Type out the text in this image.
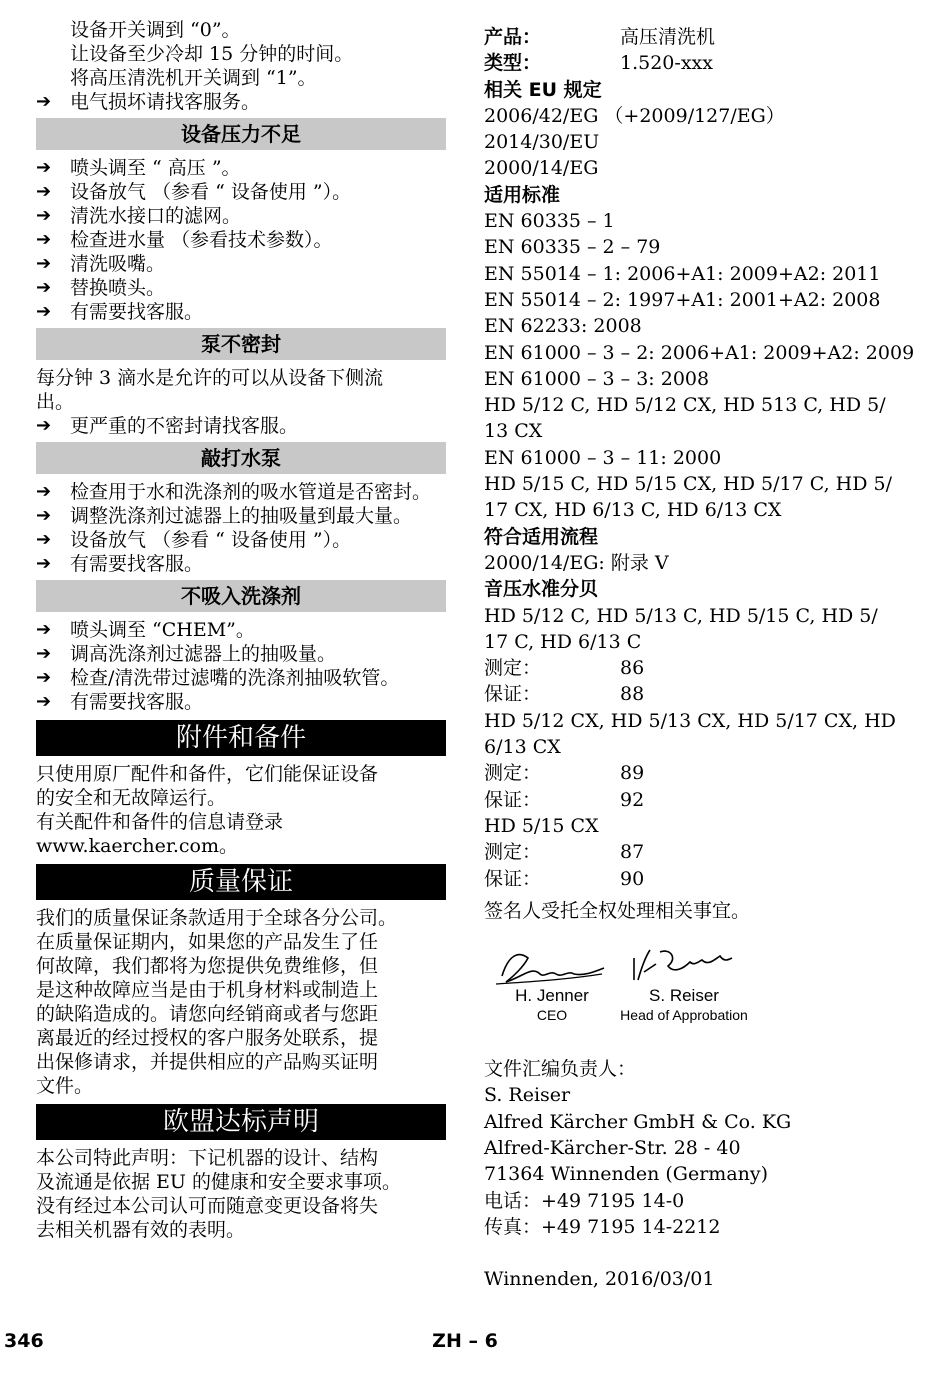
设备开关调到 “0”。
让设备至少冷却 15 分钟的时间。
将高压清洗机开关调到 “1”。
➔ 电气损坏请找客服务。
设备压力不足
➔ 喷头调至 “ 高压 ”。
➔ 设备放气 （参看 “ 设备使用 ”）。
➔ 清洗水接口的滤网。
➔ 检查进水量 （参看技术参数）。
➔ 清洗吸嘴。
➔ 替换喷头。
➔ 有需要找客服。
泵不密封
每分钟 3 滴水是允许的可以从设备下侧流
出。
➔ 更严重的不密封请找客服。
敲打水泵
➔ 检查用于水和洗涤剂的吸水管道是否密封。
➔ 调整洗涤剂过滤器上的抽吸量到最大量。
➔ 设备放气 （参看 “ 设备使用 ”）。
➔ 有需要找客服。
不吸入洗涤剂
➔ 喷头调至 “CHEM”。
➔ 调高洗涤剂过滤器上的抽吸量。
➔ 检查/清洗带过滤嘴的洗涤剂抽吸软管。
➔ 有需要找客服。
附件和备件
只使用原厂配件和备件，它们能保证设备
的安全和无故障运行。
有关配件和备件的信息请登录
www.kaercher.com。
质量保证
我们的质量保证条款适用于全球各分公司。
在质量保证期内，如果您的产品发生了任
何故障，我们都将为您提供免费维修，但
是这种故障应当是由于机身材料或制造上
的缺陷造成的。请您向经销商或者与您距
离最近的经过授权的客户服务处联系，提
出保修请求，并提供相应的产品购买证明
文件。
欧盟达标声明
本公司特此声明：下记机器的设计、结构
及流通是依据 EU 的健康和安全要求事项。
没有经过本公司认可而随意变更设备将失
去相关机器有效的表明。
产品：	高压清洗机
类型：	1.520-xxx
相关 EU 规定
2006/42/EG （+2009/127/EG）
2014/30/EU
2000/14/EG
适用标准
EN 60335 – 1
EN 60335 – 2 – 79
EN 55014 – 1: 2006+A1: 2009+A2: 2011
EN 55014 – 2: 1997+A1: 2001+A2: 2008
EN 62233: 2008
EN 61000 – 3 – 2: 2006+A1: 2009+A2: 2009
EN 61000 – 3 – 3: 2008
HD 5/12 C, HD 5/12 CX, HD 513 C, HD 5/
13 CX
EN 61000 – 3 – 11: 2000
HD 5/15 C, HD 5/15 CX, HD 5/17 C, HD 5/
17 CX, HD 6/13 C, HD 6/13 CX
符合适用流程
2000/14/EG: 附录 V
音压水准分贝
HD 5/12 C, HD 5/13 C, HD 5/15 C, HD 5/
17 C, HD 6/13 C
测定：	86
保证：	88
HD 5/12 CX, HD 5/13 CX, HD 5/17 CX, HD
6/13 CX
测定：	89
保证：	92
HD 5/15 CX
测定：	87
保证：	90
签名人受托全权处理相关事宜。
H. Jenner
CEO
S. Reiser
Head of Approbation
文件汇编负责人：
S. Reiser
Alfred Kärcher GmbH & Co. KG
Alfred-Kärcher-Str. 28 - 40
71364 Winnenden (Germany)
电话：+49 7195 14-0
传真：+49 7195 14-2212
Winnenden, 2016/03/01
346	ZH – 6
